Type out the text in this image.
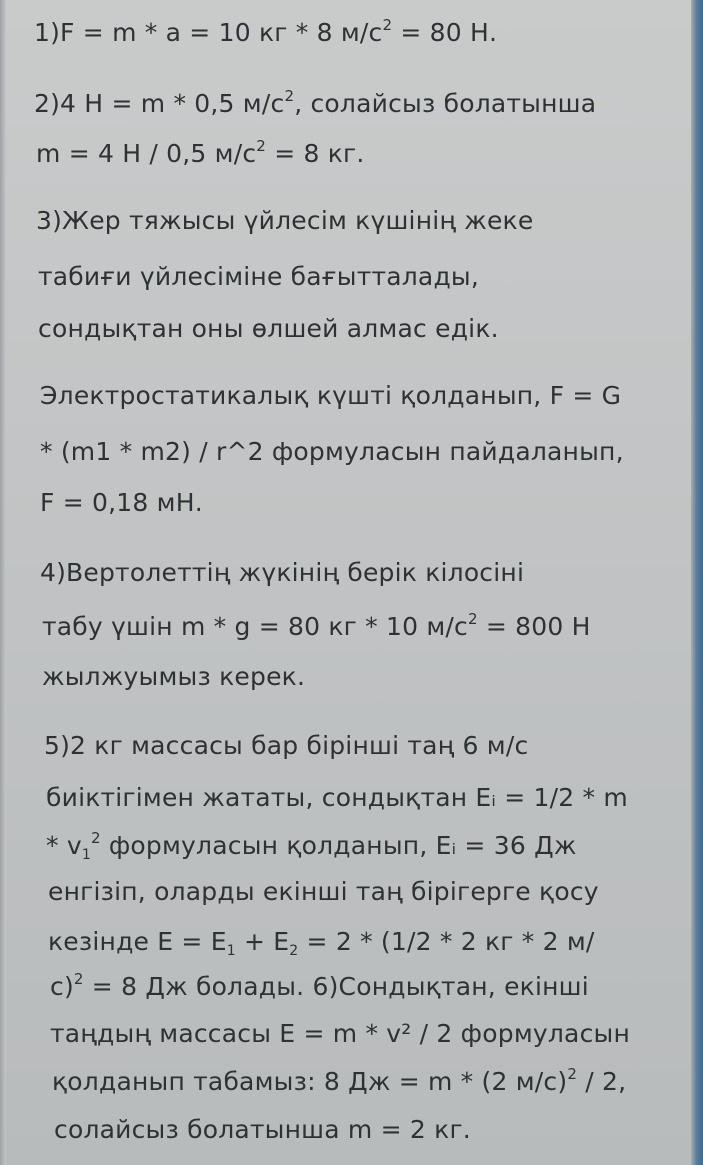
1)F = m * a = 10 кг * 8 $м/с^2 = 80$ Н.
2)4 Н = m * 0,5 $м/с^2$, солайсыз болатынша
m = 4 Н / 0,5 $м/с^2 = 8$ кг.
3)Жер тяжысы үйлесім күшінің жеке
табиғи үйлесіміне бағытталады,
сондықтан оны өлшей алмас едік.
Электростатикалық күшті қолданып, F = G
* (m1 * m2) / r^2 формуласын пайдаланып,
F = 0,18 мН.
4)Вертолеттің жүкінің берік кілосіні
табу үшін m * g = 80 кг * 10 $м/с^2 = 800$ Н
жылжуымыз керек.
5)2 кг массасы бар бірінші таң 6 м/с
биіктігімен жататы, сондықтан Eᵢ = 1/2 * m
* $v_1^2$ формуласын қолданып, Eᵢ = 36 Дж
енгізіп, оларды екінші таң бірігерге қосу
кезінде $E = E_1 + E_2 = 2 * (1/2 * 2$ кг * 2 м/
с)$^2$ = 8 Дж болады. 6)Сондықтан, екінші
таңдың массасы E = m * v² / 2 формуласын
қолданып табамыз: 8 Дж = m * (2 м/с)$^2$ / 2,
солайсыз болатынша m = 2 кг.
